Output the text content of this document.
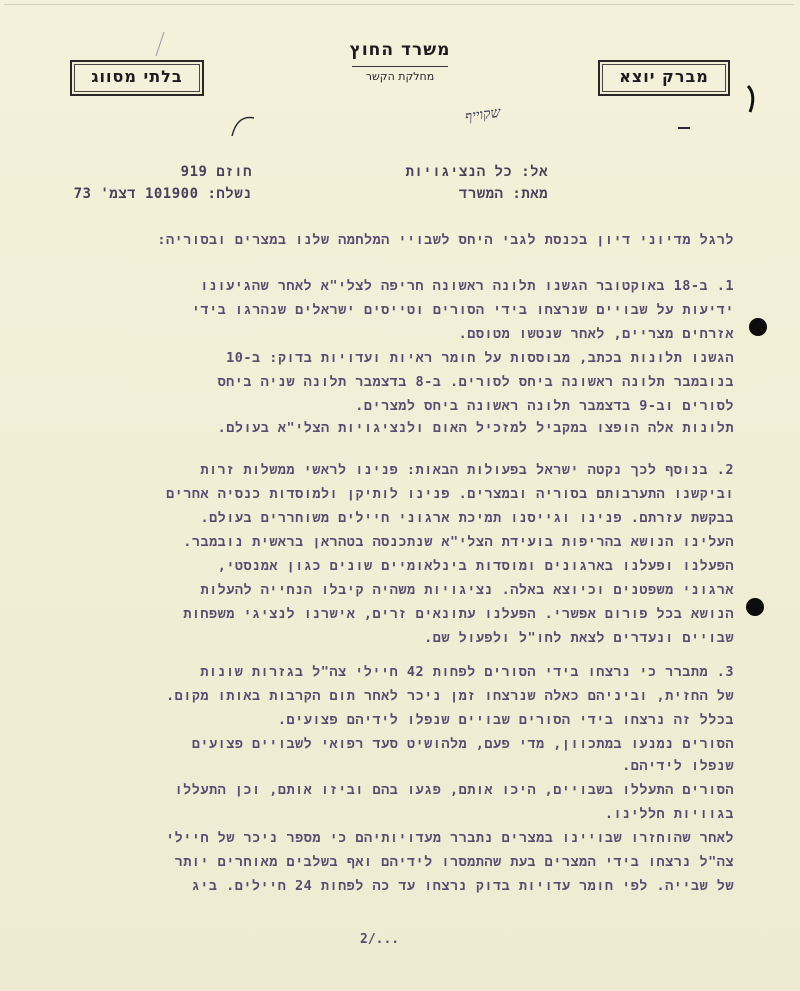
משרד החוץ
מחלקת הקשר
בלתי מסווג	מברק יוצא
שקוייף
אל: כל הנציגויות
חוזם 919
מאת: המשרד
נשלח: 101900 דצמ' 73
לרגל מדיוני דיון בכנסת לגבי היחס לשבויי המלחמה שלנו במצרים ובסוריה:
1. ב-18 באוקטובר הגשנו תלונה ראשונה חריפה לצלי"א לאחר שהגיעונו
ידיעות על שבויים שנרצחו בידי הסורים וטייסים ישראלים שנהרגו בידי
אזרחים מצריים, לאחר שנטשו מטוסם.
הגשנו תלונות בכתב, מבוססות על חומר ראיות ועדויות בדוק: ב-10
בנובמבר תלונה ראשונה ביחס לסורים. ב-8 בדצמבר תלונה שניה ביחס
לסורים וב-9 בדצמבר תלונה ראשונה ביחס למצרים.
תלונות אלה הופצו במקביל למזכיל האום ולנציגויות הצלי"א בעולם.
2. בנוסף לכך נקטה ישראל בפעולות הבאות: פנינו לראשי ממשלות זרות
וביקשנו התערבותם בסוריה ובמצרים. פנינו לותיקן ולמוסדות כנסיה אחרים
בבקשת עזרתם. פנינו וגייסנו תמיכת ארגוני חיילים משוחררים בעולם.
העלינו הנושא בהריפות בועידת הצלי"א שנתכנסה בטהראן בראשית נובמבר.
הפעלנו ופעלנו בארגונים ומוסדות בינלאומיים שונים כגון אמנסטי,
ארגוני משפטנים וכיוצא באלה. נציגויות משהיה קיבלו הנחייה להעלות
הנושא בכל פורום אפשרי. הפעלנו עתונאים זרים, אישרנו לנציגי משפחות
שבויים ונעדרים לצאת לחו"ל ולפעול שם.
3. מתברר כי נרצחו בידי הסורים לפחות 42 חיילי צה"ל בגזרות שונות
של החזית, וביניהם כאלה שנרצחו זמן ניכר לאחר תום הקרבות באותו מקום.
בכלל זה נרצחו בידי הסורים שבויים שנפלו לידיהם פצועים.
הסורים נמנעו במתכוון, מדי פעם, מלהושיט סעד רפואי לשבויים פצועים
שנפלו לידיהם.
הסורים התעללו בשבויים, היכו אותם, פגעו בהם וביזו אותם, וכן התעללו
בגוויות חללינו.
לאחר שהוחזרו שבויינו במצרים נתברר מעדויותיהם כי מספר ניכר של חיילי
צה"ל נרצחו בידי המצרים בעת שהתמסרו לידיהם ואף בשלבים מאוחרים יותר
של שבייה. לפי חומר עדויות בדוק נרצחו עד כה לפחות 24 חיילים. ביג
2/...
